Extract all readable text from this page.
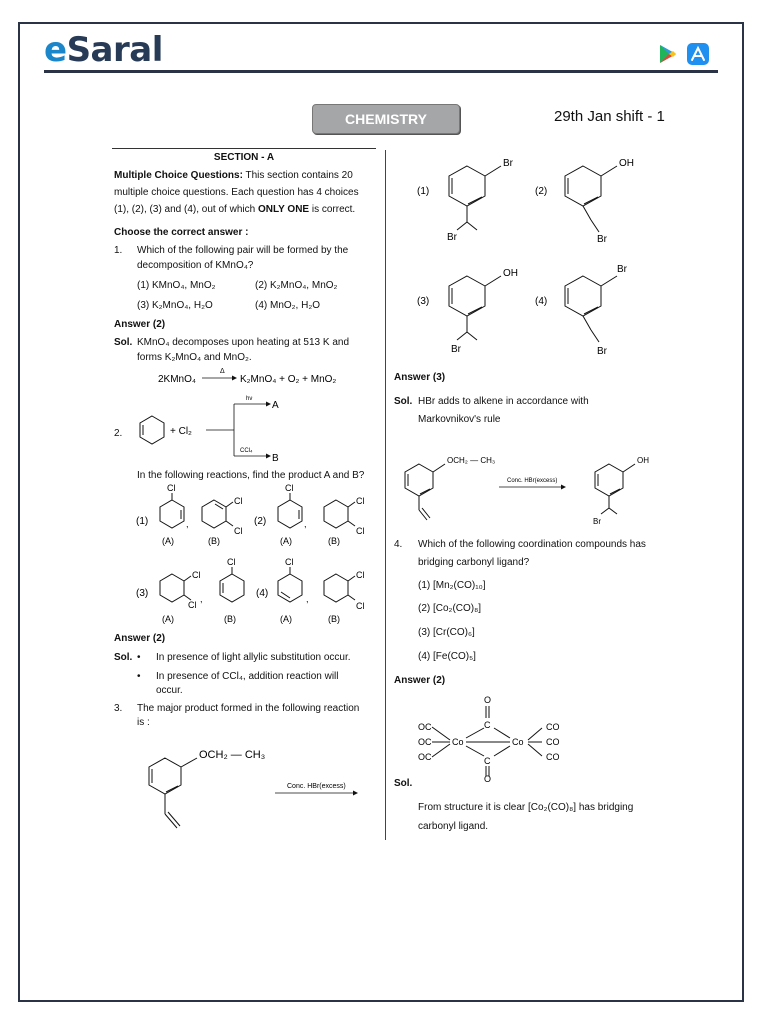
eSaral
CHEMISTRY	29th Jan shift - 1
SECTION - A
Multiple Choice Questions: This section contains 20
multiple choice questions. Each question has 4 choices
(1), (2), (3) and (4), out of which ONLY ONE is correct.
Choose the correct answer :
1. Which of the following pair will be formed by the
decomposition of KMnO₄?
(1) KMnO₄, MnO₂	(2) K₂MnO₄, MnO₂
(3) K₂MnO₄, H₂O	(4) MnO₂, H₂O
Answer (2)
Sol. KMnO₄ decomposes upon heating at 513 K and
forms K₂MnO₄ and MnO₂.
2KMnO₄
Δ
K₂MnO₄ + O₂ + MnO₂
2.	+ Cl₂
hν
A
CCl₄
B
In the following reactions, find the product A and B?
(1)
Cl
,
Cl
Cl
(A)	(B)
(2)
Cl
,
Cl
Cl
(A)	(B)
(3)
Cl
Cl
,
Cl
(A)	(B)
(4)
Cl
,
Cl
Cl
(A)	(B)
Answer (2)
Sol. • In presence of light allylic substitution occur.
• In presence of CCl₄, addition reaction will
occur.
3. The major product formed in the following reaction
is :
OCH₂ — CH₃
Conc. HBr(excess)
(1)
Br
Br
(2)
OH
Br
(3)
OH
Br
(4)
Br
Br
Answer (3)
Sol. HBr adds to alkene in accordance with
Markovnikov's rule
OCH₂ — CH₃
Conc. HBr(excess)
OH
Br
4. Which of the following coordination compounds has
bridging carbonyl ligand?
(1) [Mn₂(CO)₁₀]
(2) [Co₂(CO)₈]
(3) [Cr(CO)₆]
(4) [Fe(CO)₅]
Answer (2)
O
C
OC
OC
OC
Co	Co
CO
CO
CO
C
O
Sol.
From structure it is clear [Co₂(CO)₈] has bridging
carbonyl ligand.
